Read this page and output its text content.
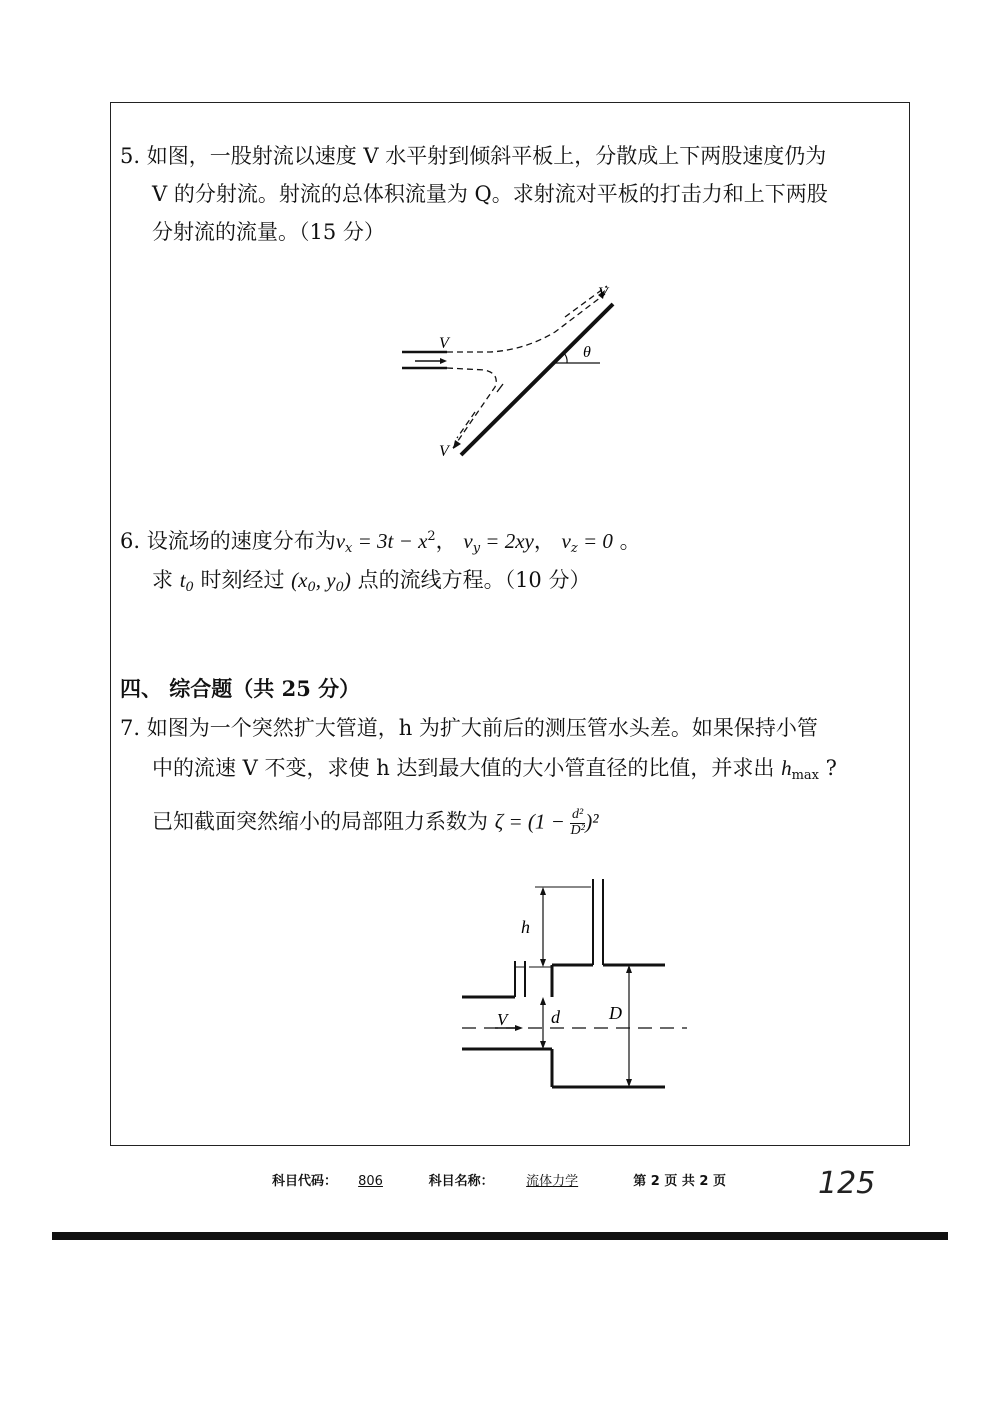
5. 如图，一股射流以速度 V 水平射到倾斜平板上，分散成上下两股速度仍为
V 的分射流。射流的总体积流量为 Q。求射流对平板的打击力和上下两股
分射流的流量。（15 分）
V
V
V
θ
6. 设流场的速度分布为$v_x = 3t - x^2$， $v_y = 2xy$， $v_z = 0$ 。
求 $t_0$ 时刻经过 ($x_0$, $y_0$) 点的流线方程。（10 分）
四、 综合题（共 25 分）
7. 如图为一个突然扩大管道，h 为扩大前后的测压管水头差。如果保持小管
中的流速 V 不变，求使 h 达到最大值的大小管直径的比值，并求出 $h_{max}$ ?
已知截面突然缩小的局部阻力系数为 $\zeta = (1 - \frac{\text{d²}}{\text{D²}} )^2$
h
V d	D
科目代码： 806	科目名称：	流体力学	第 2 页 共 2 页	125
